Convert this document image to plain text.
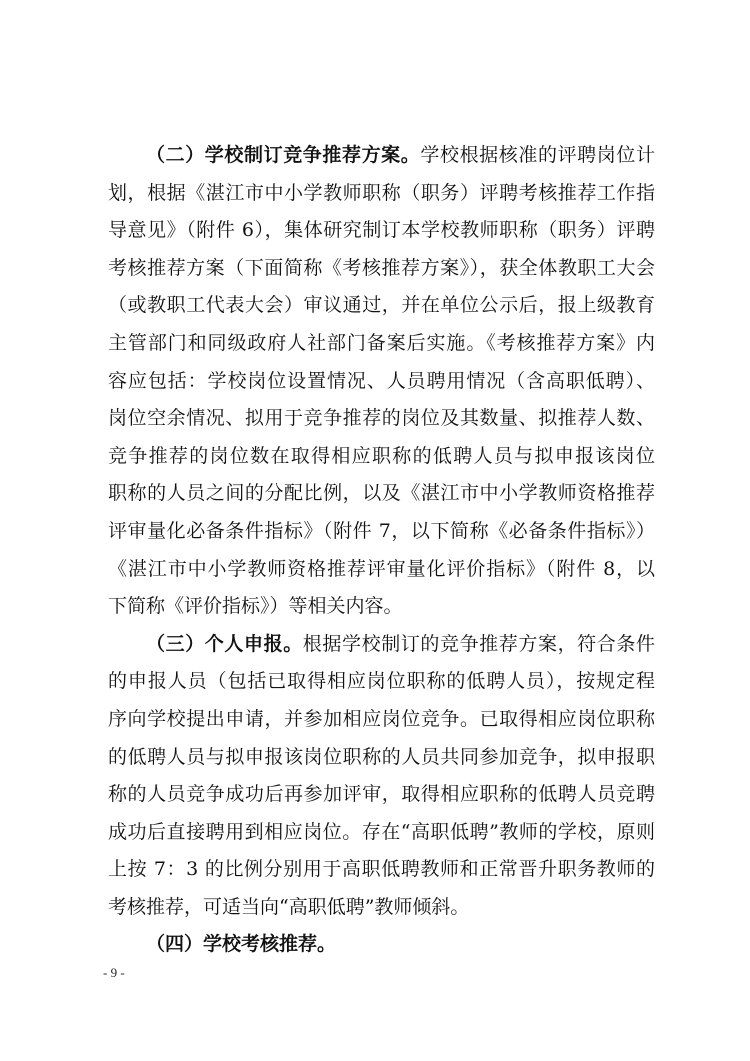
（二）学校制订竞争推荐方案。学校根据核准的评聘岗位计
划，根据《湛江市中小学教师职称（职务）评聘考核推荐工作指
导意见》（附件 6），集体研究制订本学校教师职称（职务）评聘
考核推荐方案（下面简称《考核推荐方案》），获全体教职工大会
（或教职工代表大会）审议通过，并在单位公示后，报上级教育
主管部门和同级政府人社部门备案后实施。《考核推荐方案》内
容应包括：学校岗位设置情况、人员聘用情况（含高职低聘）、
岗位空余情况、拟用于竞争推荐的岗位及其数量、拟推荐人数、
竞争推荐的岗位数在取得相应职称的低聘人员与拟申报该岗位
职称的人员之间的分配比例，以及《湛江市中小学教师资格推荐
评审量化必备条件指标》（附件 7，以下简称《必备条件指标》）
《湛江市中小学教师资格推荐评审量化评价指标》（附件 8，以
下简称《评价指标》）等相关内容。
（三）个人申报。根据学校制订的竞争推荐方案，符合条件
的申报人员（包括已取得相应岗位职称的低聘人员），按规定程
序向学校提出申请，并参加相应岗位竞争。已取得相应岗位职称
的低聘人员与拟申报该岗位职称的人员共同参加竞争，拟申报职
称的人员竞争成功后再参加评审，取得相应职称的低聘人员竞聘
成功后直接聘用到相应岗位。存在“高职低聘”教师的学校，原则
上按 7：3 的比例分别用于高职低聘教师和正常晋升职务教师的
考核推荐，可适当向“高职低聘”教师倾斜。
（四）学校考核推荐。
- 9 -
